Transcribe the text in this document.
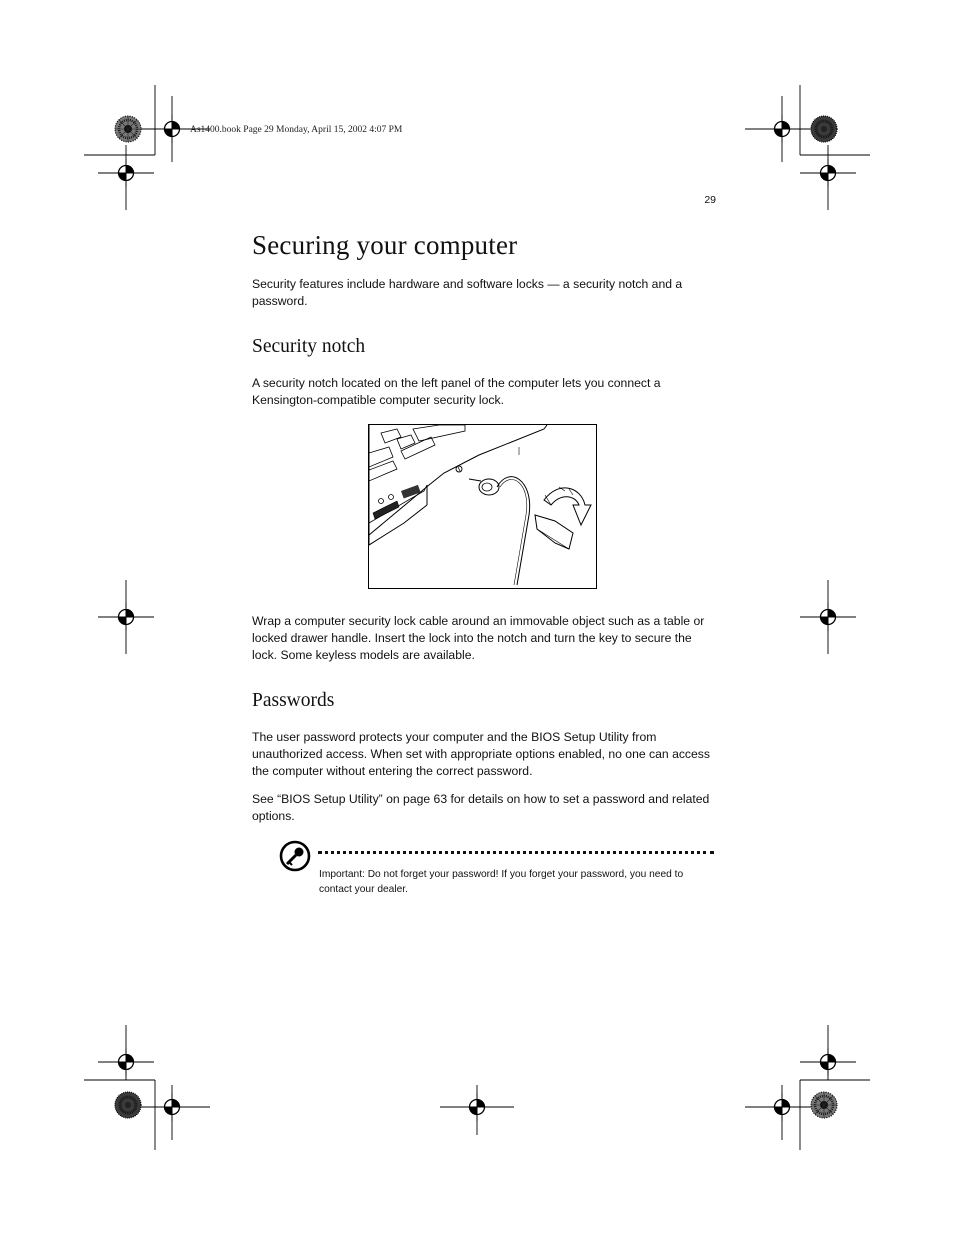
As1400.book Page 29 Monday, April 15, 2002 4:07 PM
29
Securing your computer

Security features include hardware and software locks — a security notch and a password.

Security notch

A security notch located on the left panel of the computer lets you connect a Kensington-compatible computer security lock.

Wrap a computer security lock cable around an immovable object such as a table or locked drawer handle. Insert the lock into the notch and turn the key to secure the lock. Some keyless models are available.

Passwords

The user password protects your computer and the BIOS Setup Utility from unauthorized access. When set with appropriate options enabled, no one can access the computer without entering the correct password.

See “BIOS Setup Utility” on page 63 for details on how to set a password and related options.

Important: Do not forget your password! If you forget your password, you need to contact your dealer.
